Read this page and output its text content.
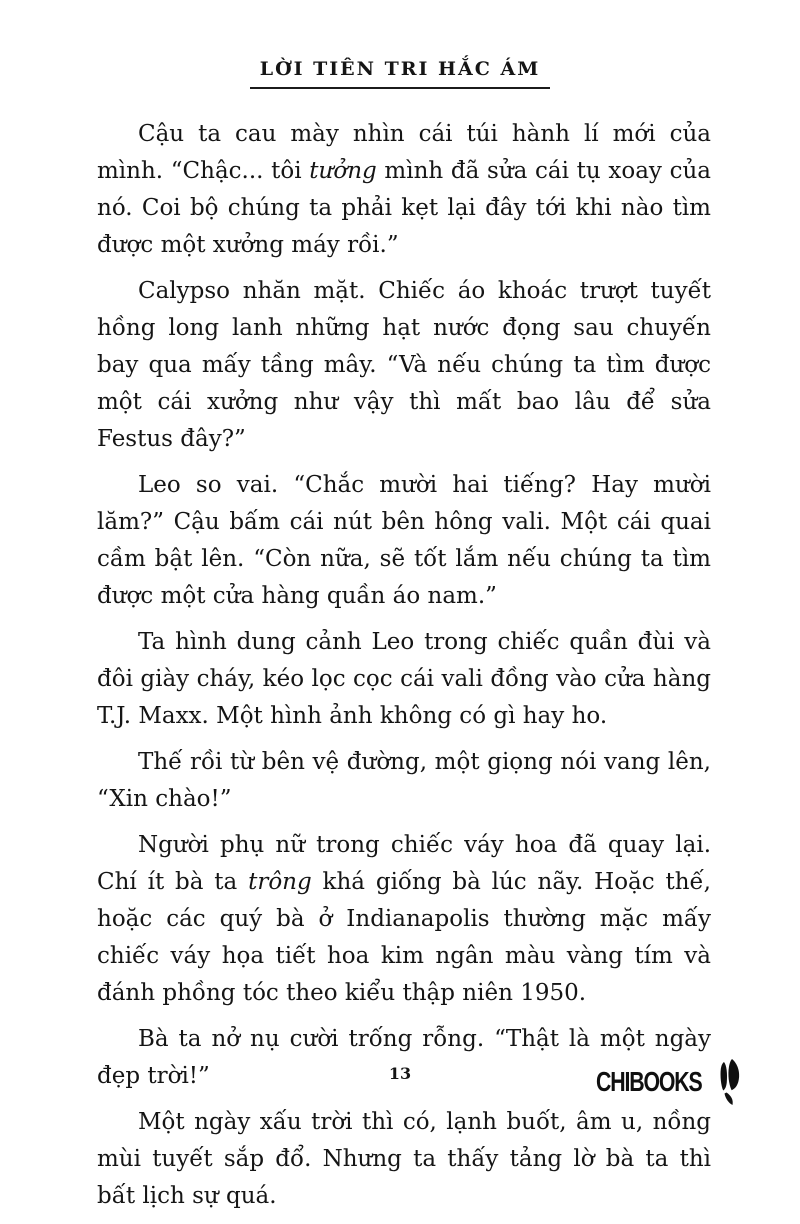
LỜI TIÊN TRI HẮC ÁM

Cậu ta cau mày nhìn cái túi hành lí mới của mình. “Chậc... tôi tưởng mình đã sửa cái tụ xoay của nó. Coi bộ chúng ta phải kẹt lại đây tới khi nào tìm được một xưởng máy rồi.”

Calypso nhăn mặt. Chiếc áo khoác trượt tuyết hồng long lanh những hạt nước đọng sau chuyến bay qua mấy tầng mây. “Và nếu chúng ta tìm được một cái xưởng như vậy thì mất bao lâu để sửa Festus đây?”

Leo so vai. “Chắc mười hai tiếng? Hay mười lăm?” Cậu bấm cái nút bên hông vali. Một cái quai cầm bật lên. “Còn nữa, sẽ tốt lắm nếu chúng ta tìm được một cửa hàng quần áo nam.”

Ta hình dung cảnh Leo trong chiếc quần đùi và đôi giày cháy, kéo lọc cọc cái vali đồng vào cửa hàng T.J. Maxx. Một hình ảnh không có gì hay ho.

Thế rồi từ bên vệ đường, một giọng nói vang lên, “Xin chào!”

Người phụ nữ trong chiếc váy hoa đã quay lại. Chí ít bà ta trông khá giống bà lúc nãy. Hoặc thế, hoặc các quý bà ở Indianapolis thường mặc mấy chiếc váy họa tiết hoa kim ngân màu vàng tím và đánh phồng tóc theo kiểu thập niên 1950.

Bà ta nở nụ cười trống rỗng. “Thật là một ngày đẹp trời!”

Một ngày xấu trời thì có, lạnh buốt, âm u, nồng mùi tuyết sắp đổ. Nhưng ta thấy tảng lờ bà ta thì bất lịch sự quá.

13	CHIBOOKS
